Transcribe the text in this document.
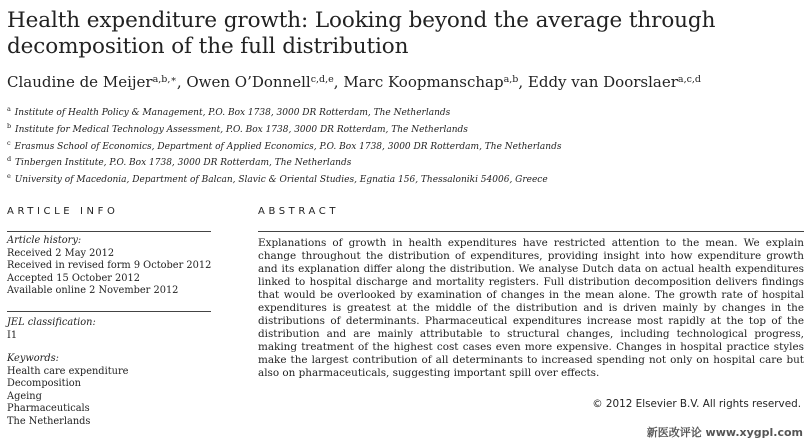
Health expenditure growth: Looking beyond the average through decomposition of the full distribution
Claudine de Meijer$^{a,b,∗}$, Owen O’Donnell$^{c,d,e}$, Marc Koopmanschap$^{a,b}$, Eddy van Doorslaer$^{a,c,d}$
$^a$ Institute of Health Policy & Management, P.O. Box 1738, 3000 DR Rotterdam, The Netherlands
$^b$ Institute for Medical Technology Assessment, P.O. Box 1738, 3000 DR Rotterdam, The Netherlands
$^c$ Erasmus School of Economics, Department of Applied Economics, P.O. Box 1738, 3000 DR Rotterdam, The Netherlands
$^d$ Tinbergen Institute, P.O. Box 1738, 3000 DR Rotterdam, The Netherlands
$^e$ University of Macedonia, Department of Balcan, Slavic & Oriental Studies, Egnatia 156, Thessaloniki 54006, Greece
ARTICLE INFO	ABSTRACT
Article history:
Received 2 May 2012
Received in revised form 9 October 2012
Accepted 15 October 2012
Available online 2 November 2012
JEL classification:
I1
Keywords:
Health care expenditure
Decomposition
Ageing
Pharmaceuticals
The Netherlands
Explanations of growth in health expenditures have restricted attention to the mean. We explain change throughout the distribution of expenditures, providing insight into how expenditure growth and its explanation differ along the distribution. We analyse Dutch data on actual health expenditures linked to hospital discharge and mortality registers. Full distribution decomposition delivers findings that would be overlooked by examination of changes in the mean alone. The growth rate of hospital expenditures is greatest at the middle of the distribution and is driven mainly by changes in the distributions of determinants. Pharmaceutical expenditures increase most rapidly at the top of the distribution and are mainly attributable to structural changes, including technological progress, making treatment of the highest cost cases even more expensive. Changes in hospital practice styles make the largest contribution of all determinants to increased spending not only on hospital care but also on pharmaceuticals, suggesting important spill over effects.
© 2012 Elsevier B.V. All rights reserved.
新医改评论 www.xygpl.com
